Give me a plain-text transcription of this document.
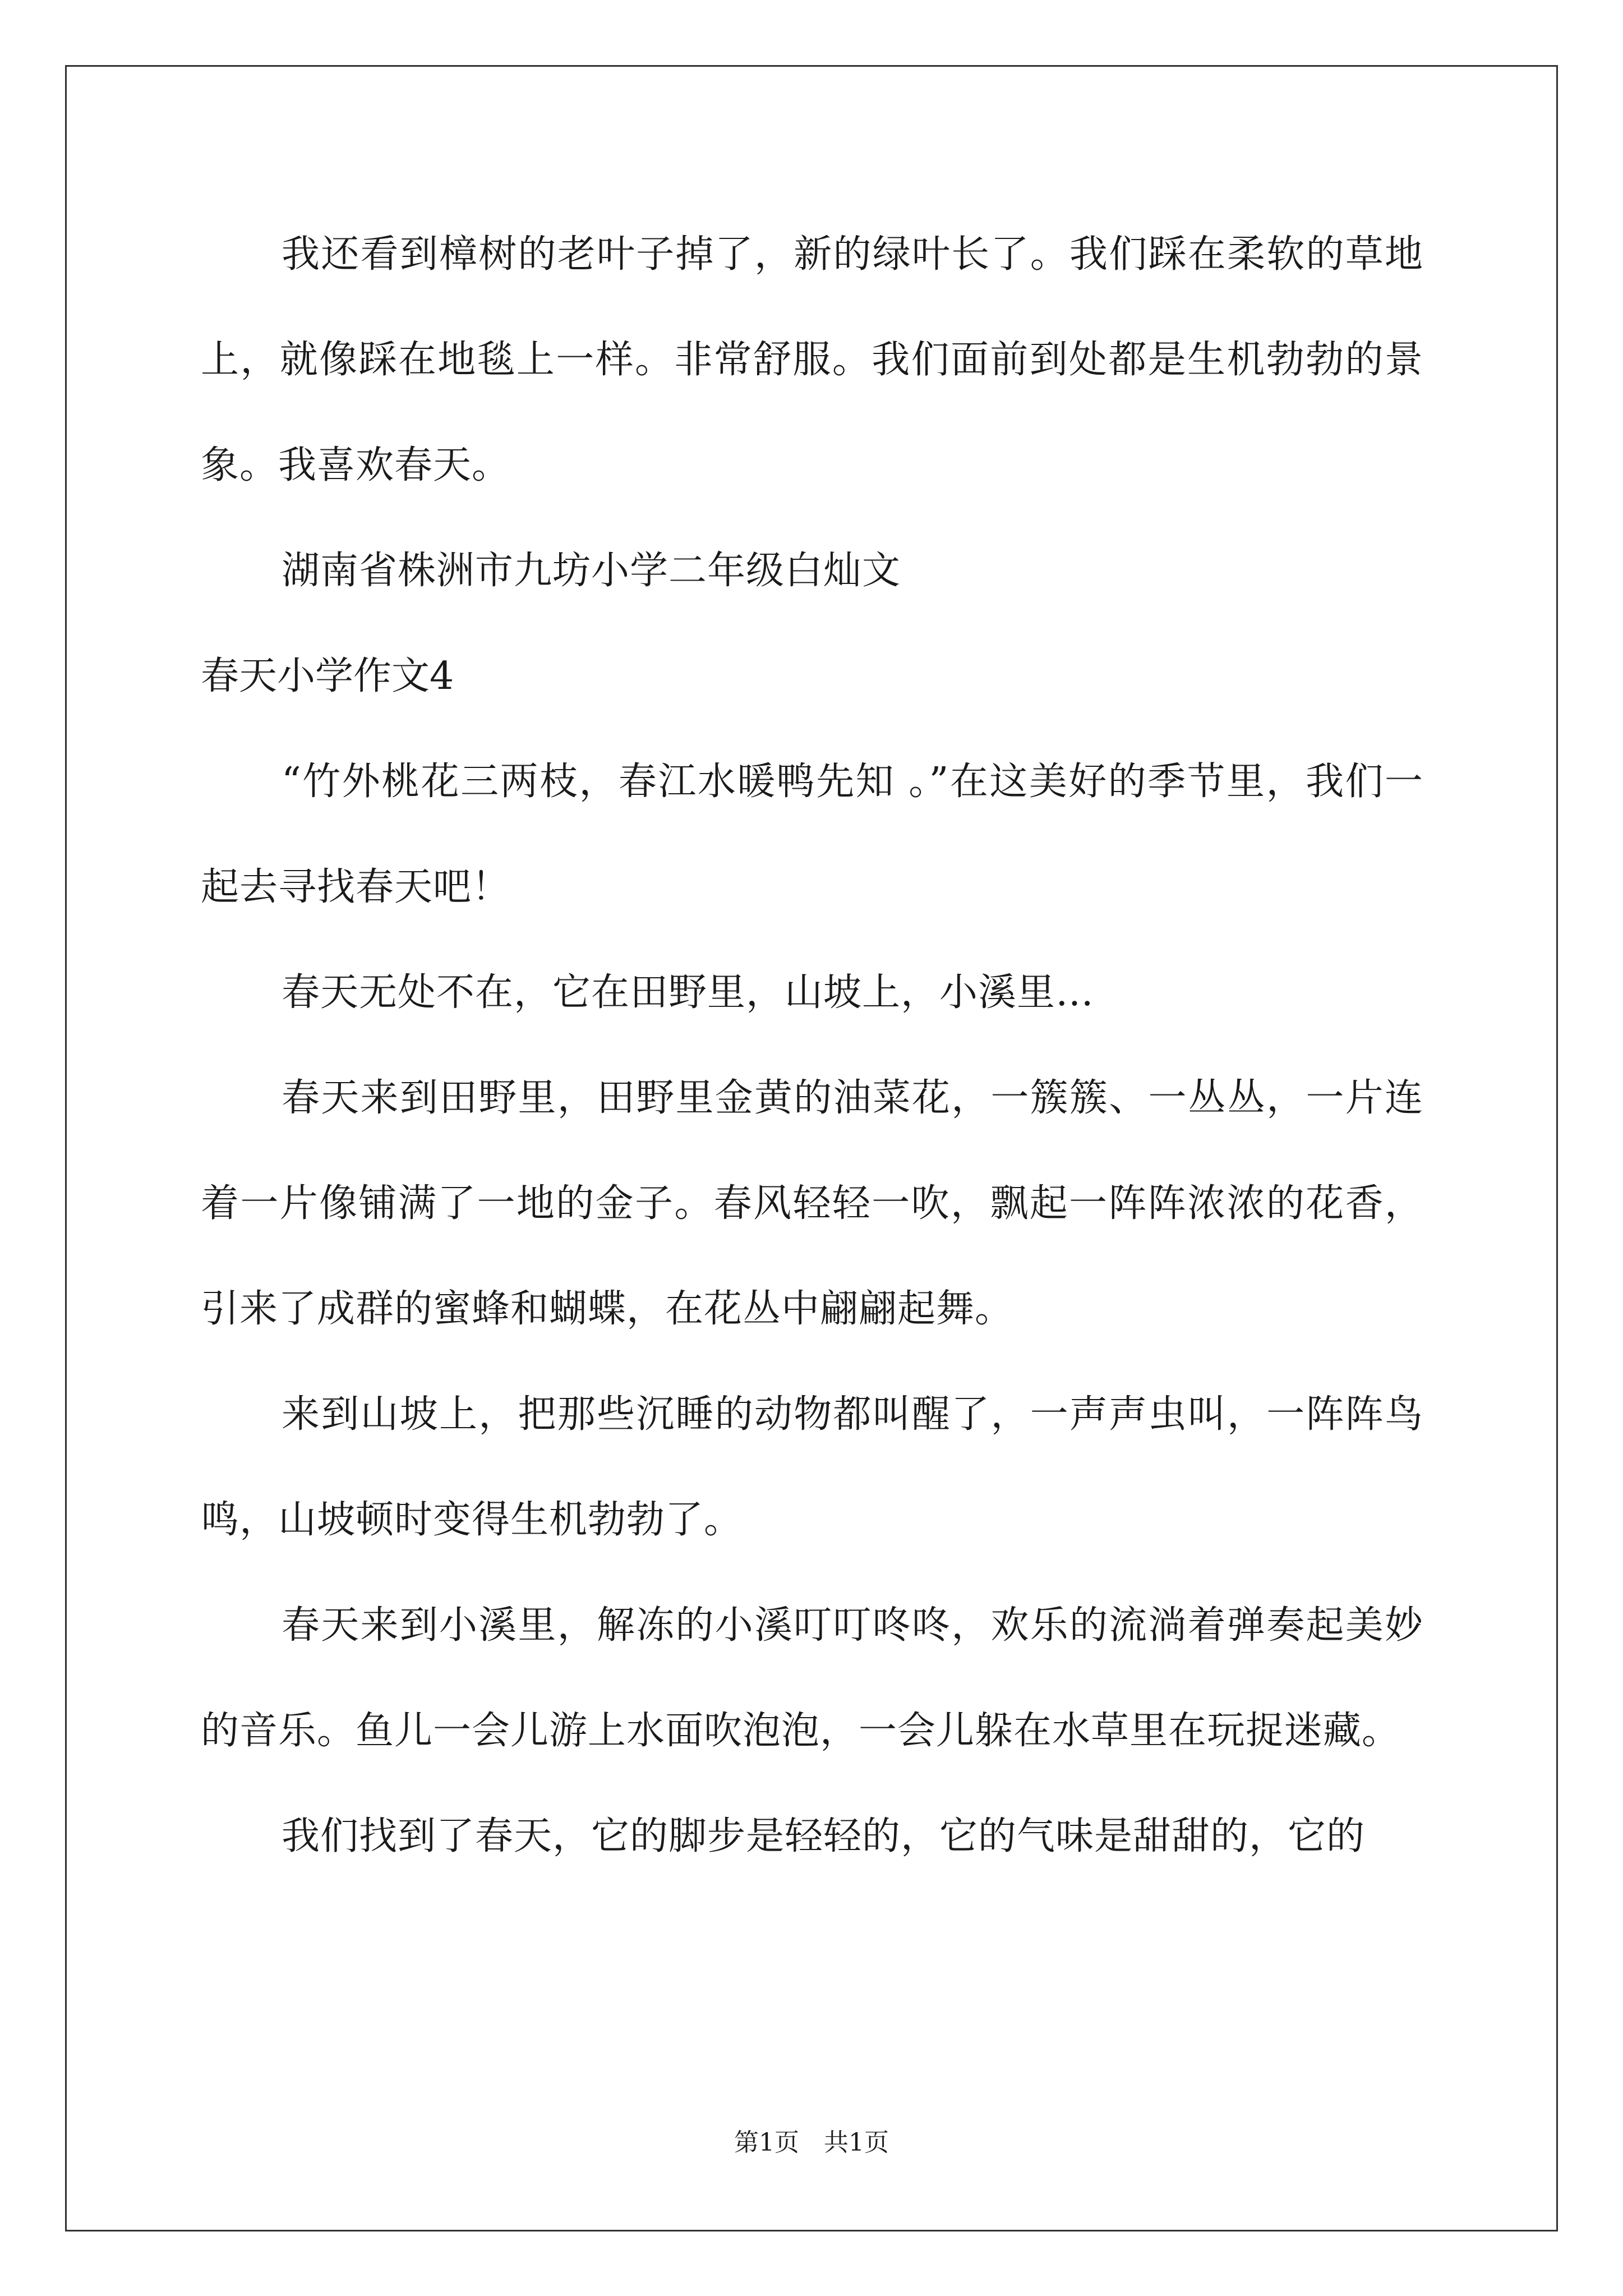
我还看到樟树的老叶子掉了，新的绿叶长了。我们踩在柔软的草地上，就像踩在地毯上一样。非常舒服。我们面前到处都是生机勃勃的景象。我喜欢春天。

湖南省株洲市九坊小学二年级白灿文

春天小学作文4

“竹外桃花三两枝，春江水暖鸭先知 。”在这美好的季节里，我们一起去寻找春天吧！

春天无处不在，它在田野里，山坡上，小溪里…

春天来到田野里，田野里金黄的油菜花，一簇簇、一丛丛，一片连着一片像铺满了一地的金子。春风轻轻一吹，飘起一阵阵浓浓的花香，引来了成群的蜜蜂和蝴蝶，在花丛中翩翩起舞。

来到山坡上，把那些沉睡的动物都叫醒了，一声声虫叫，一阵阵鸟鸣，山坡顿时变得生机勃勃了。

春天来到小溪里，解冻的小溪叮叮咚咚，欢乐的流淌着弹奏起美妙的音乐。鱼儿一会儿游上水面吹泡泡，一会儿躲在水草里在玩捉迷藏。

我们找到了春天，它的脚步是轻轻的，它的气味是甜甜的，它的

第1页　共1页
